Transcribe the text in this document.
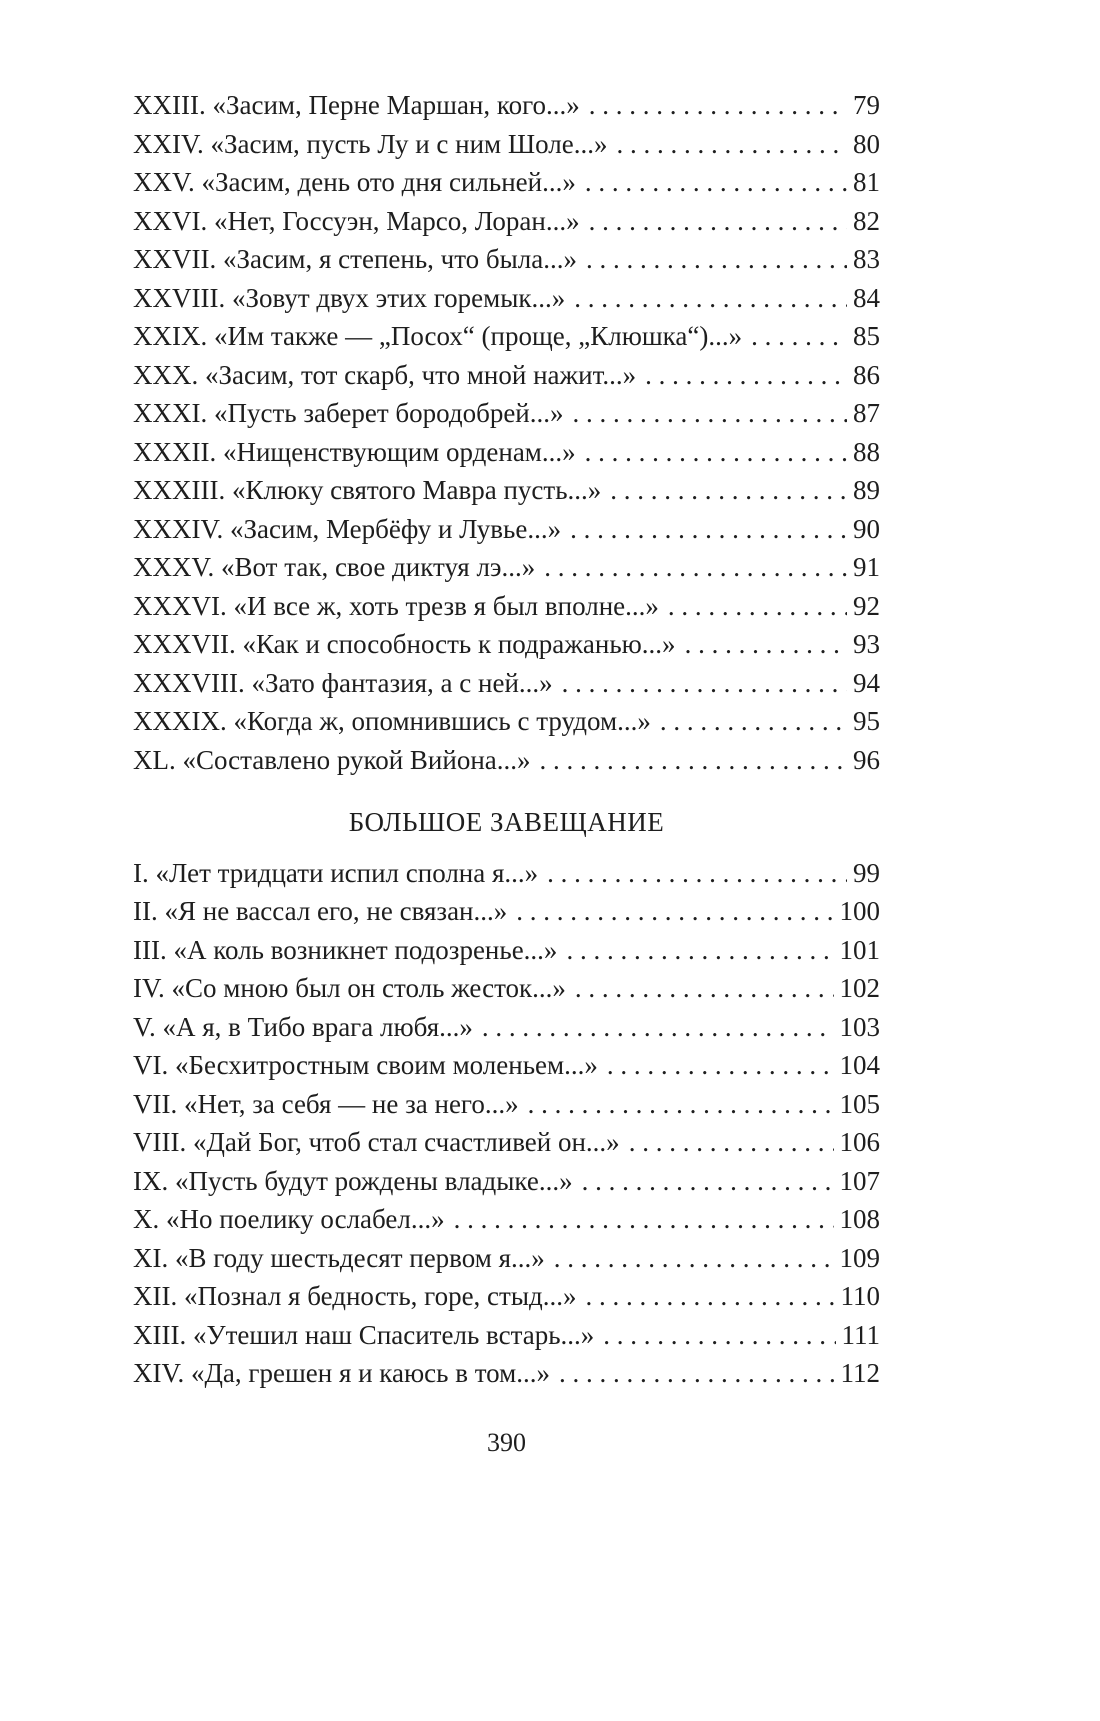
XXIII. «Засим, Перне Маршан, кого...» . . .	79
XXIV. «Засим, пусть Лу и с ним Шоле...» . . .	80
XXV. «Засим, день ото дня сильней...» . . .	81
XXVI. «Нет, Госсуэн, Марсо, Лоран...» . . .	82
XXVII. «Засим, я степень, что была...» . . .	83
XXVIII. «Зовут двух этих горемык...» . . .	84
XXIX. «Им также — „Посох“ (проще, „Клюшка“)...» . . .	85
XXX. «Засим, тот скарб, что мной нажит...» . . .	86
XXXI. «Пусть заберет бородобрей...» . . .	87
XXXII. «Нищенствующим орденам...» . . .	88
XXXIII. «Клюку святого Мавра пусть...» . . .	89
XXXIV. «Засим, Мербёфу и Лувье...» . . .	90
XXXV. «Вот так, свое диктуя лэ...» . . .	91
XXXVI. «И все ж, хоть трезв я был вполне...» . . .	92
XXXVII. «Как и способность к подражанью...» . . .	93
XXXVIII. «Зато фантазия, а с ней...» . . .	94
XXXIX. «Когда ж, опомнившись с трудом...» . . .	95
XL. «Составлено рукой Вийона...» . . .	96
БОЛЬШОЕ ЗАВЕЩАНИЕ
I. «Лет тридцати испил сполна я...» . . .	99
II. «Я не вассал его, не связан...» . . .	100
III. «А коль возникнет подозренье...» . . .	101
IV. «Со мною был он столь жесток...» . . .	102
V. «А я, в Тибо врага любя...» . . .	103
VI. «Бесхитростным своим моленьем...» . . .	104
VII. «Нет, за себя — не за него...» . . .	105
VIII. «Дай Бог, чтоб стал счастливей он...» . . .	106
IX. «Пусть будут рождены владыке...» . . .	107
X. «Но поелику ослабел...» . . .	108
XI. «В году шестьдесят первом я...» . . .	109
XII. «Познал я бедность, горе, стыд...» . . .	110
XIII. «Утешил наш Спаситель встарь...» . . .	111
XIV. «Да, грешен я и каюсь в том...» . . .	112
390
